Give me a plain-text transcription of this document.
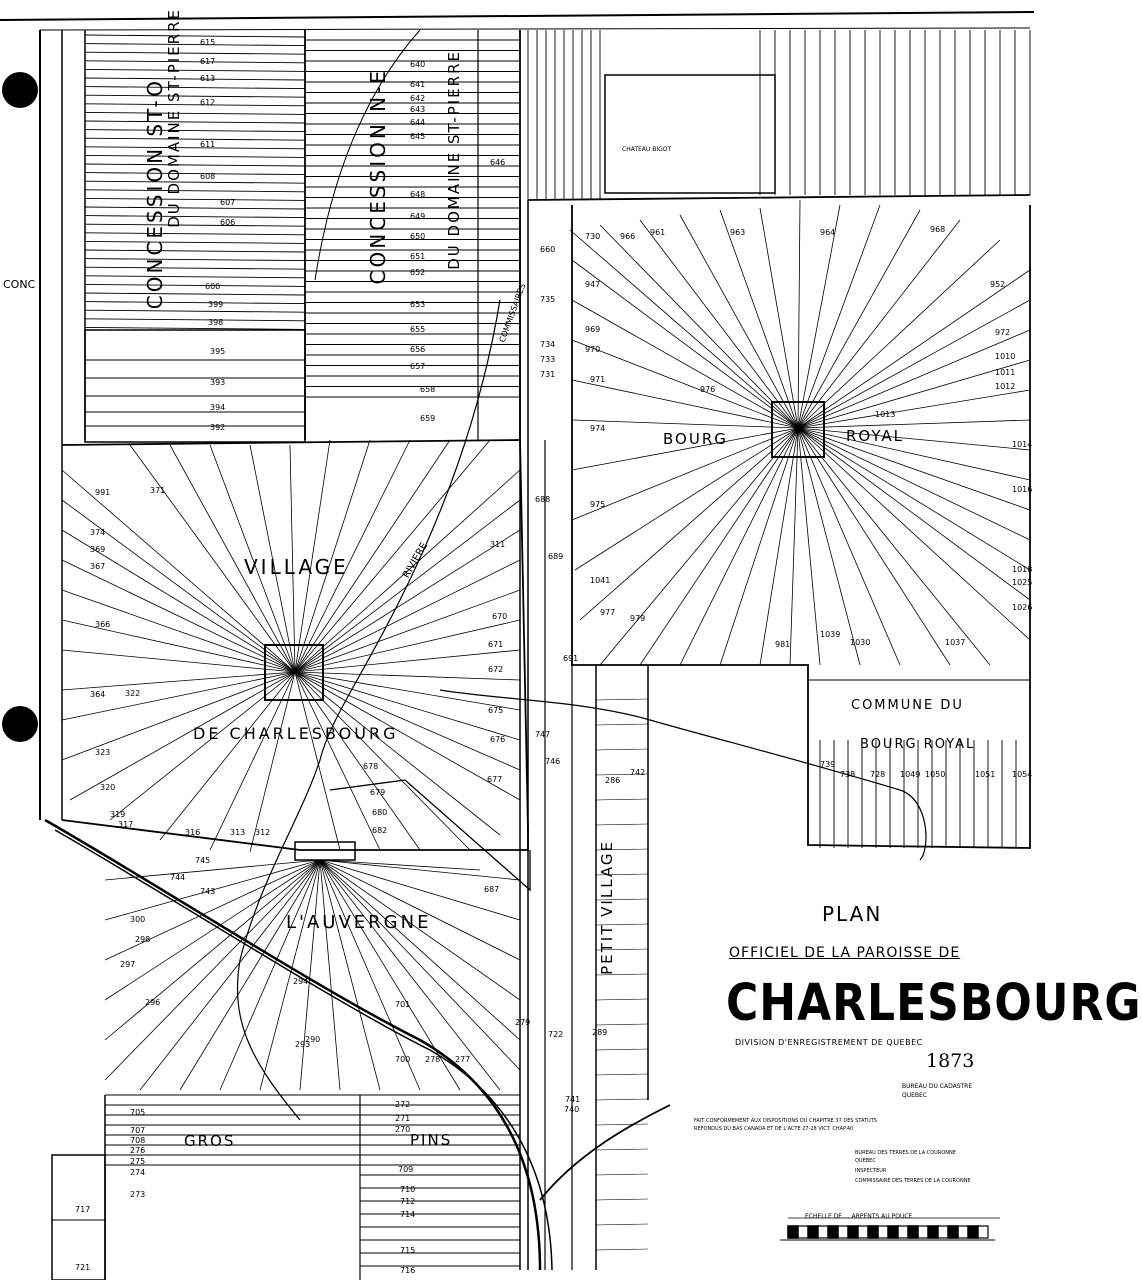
VILLAGE
DE CHARLESBOURG
BOURG	ROYAL
COMMUNE DU
BOURG ROYAL
L'AUVERGNE
GROS	PINS
PETIT VILLAGE
CONCESSION ST-O
DU DOMAINE ST-PIERRE	CONCESSION N-E	DU DOMAINE ST-PIERRE
RIVIERE
COMMISSAIRES
CHATEAU BIGOT
CONC
615
617
613
612
611
608
607
606
600
399
398
395
393
394
392
640
641
642
643
644
645
646
648
649
650
651
652
653
655
656
657
658
659
660
735
734
733
731
730 966 961	963	964	968
952
947
969
970
971
974
975
976
972
1010
1011
1012
1013
1014
1016
1018
1025
1026
1030	1037
1039
1041
977
979
981
991	371
374
369
367
366
364 322
323
320
319
317
316	313 312
311
670
671
672
675
676
677
678
679
680
682
687
688
689
691
747
746
745
744
743
300
298
297
296
294
293
290
279
278 277
701
700
705
707
708
276
275
274
273
272
271
270
709
710
712
714
715
716
717
721
722	289
286
742
741
740
739
738 728 1049 1050	1051 1054
PLAN
OFFICIEL DE LA PAROISSE DE
CHARLESBOURG
DIVISION D'ENREGISTREMENT DE QUEBEC
1873
BUREAU DU CADASTRE
QUEBEC
FAIT CONFORMEMENT AUX DISPOSITIONS DU CHAPITRE 37 DES STATUTS
REFONDUS DU BAS CANADA ET DE L'ACTE 27-28 VICT. CHAP.40
BUREAU DES TERRES DE LA COURONNE
QUEBEC
INSPECTEUR
COMMISSAIRE DES TERRES DE LA COURONNE
ECHELLE DE ... ARPENTS AU POUCE
